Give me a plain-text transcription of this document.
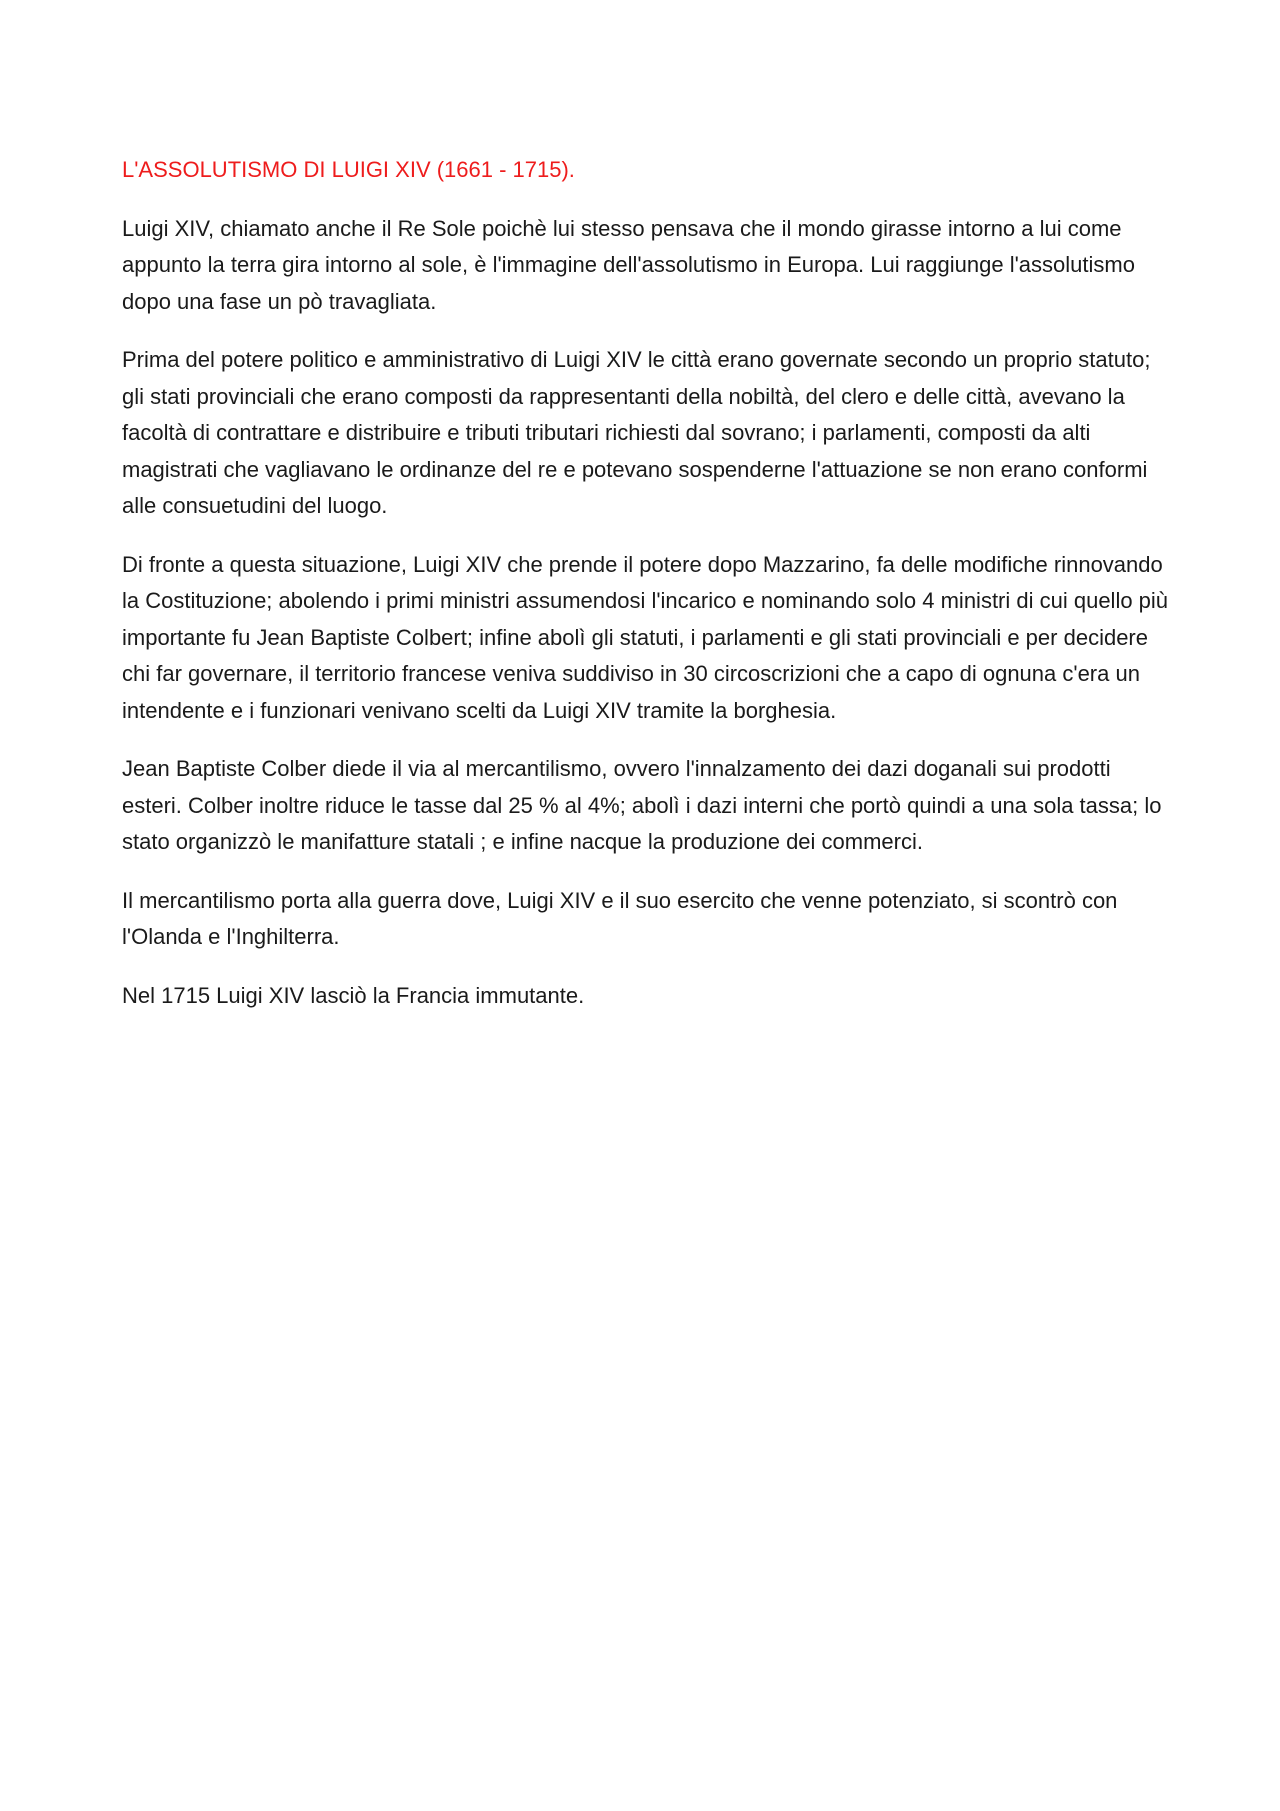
L'ASSOLUTISMO DI LUIGI XIV (1661 - 1715).

Luigi XIV, chiamato anche il Re Sole poichè lui stesso pensava che il mondo girasse intorno a lui come appunto la terra gira intorno al sole, è l'immagine dell'assolutismo in Europa. Lui raggiunge l'assolutismo dopo una fase un pò travagliata.

Prima del potere politico e amministrativo di Luigi XIV le città erano governate secondo un proprio statuto; gli stati provinciali che erano composti da rappresentanti della nobiltà, del clero e delle città, avevano la facoltà di contrattare e distribuire e tributi tributari richiesti dal sovrano; i parlamenti, composti da alti magistrati che vagliavano le ordinanze del re e potevano sospenderne l'attuazione se non erano conformi alle consuetudini del luogo.

Di fronte a questa situazione, Luigi XIV che prende il potere dopo Mazzarino, fa delle modifiche rinnovando la Costituzione; abolendo i primi ministri assumendosi l'incarico e nominando solo 4 ministri di cui quello più importante fu Jean Baptiste Colbert; infine abolì gli statuti, i parlamenti e gli stati provinciali e per decidere chi far governare, il territorio francese veniva suddiviso in 30 circoscrizioni che a capo di ognuna c'era un intendente e i funzionari venivano scelti da Luigi XIV tramite la borghesia.

Jean Baptiste Colber diede il via al mercantilismo, ovvero l'innalzamento dei dazi doganali sui prodotti esteri. Colber inoltre riduce le tasse dal 25 % al 4%; abolì i dazi interni che portò quindi a una sola tassa; lo stato organizzò le manifatture statali ; e infine nacque la produzione dei commerci.

Il mercantilismo porta alla guerra dove, Luigi XIV e il suo esercito che venne potenziato, si scontrò con l'Olanda e l'Inghilterra.

Nel 1715 Luigi XIV lasciò la Francia immutante.
